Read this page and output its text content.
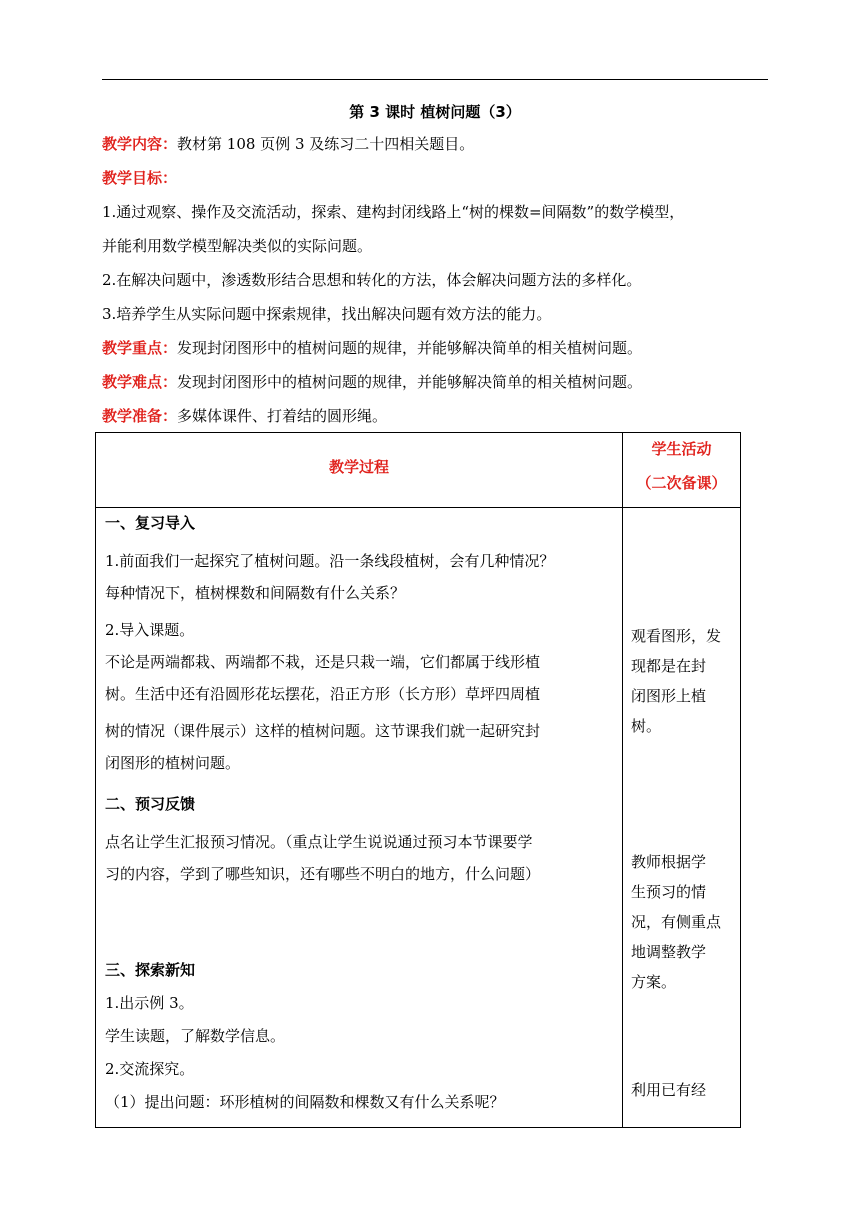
第 3 课时 植树问题（3）
教学内容：教材第 108 页例 3 及练习二十四相关题目。
教学目标：
1.通过观察、操作及交流活动，探索、建构封闭线路上“树的棵数=间隔数”的数学模型，
并能利用数学模型解决类似的实际问题。
2.在解决问题中，渗透数形结合思想和转化的方法，体会解决问题方法的多样化。
3.培养学生从实际问题中探索规律，找出解决问题有效方法的能力。
教学重点：发现封闭图形中的植树问题的规律，并能够解决简单的相关植树问题。
教学难点：发现封闭图形中的植树问题的规律，并能够解决简单的相关植树问题。
教学准备：多媒体课件、打着结的圆形绳。
教学过程
学生活动
（二次备课）
一、复习导入
1.前面我们一起探究了植树问题。沿一条线段植树，会有几种情况？
每种情况下，植树棵数和间隔数有什么关系？
2.导入课题。
不论是两端都栽、两端都不栽，还是只栽一端，它们都属于线形植
树。生活中还有沿圆形花坛摆花，沿正方形（长方形）草坪四周植
树的情况（课件展示）这样的植树问题。这节课我们就一起研究封
闭图形的植树问题。
二、预习反馈
点名让学生汇报预习情况。（重点让学生说说通过预习本节课要学
习的内容，学到了哪些知识，还有哪些不明白的地方，什么问题）
三、探索新知
1.出示例 3。
学生读题，了解数学信息。
2.交流探究。
（1）提出问题：环形植树的间隔数和棵数又有什么关系呢？
观看图形，发
现都是在封
闭图形上植
树。
教师根据学
生预习的情
况，有侧重点
地调整教学
方案。
利用已有经
